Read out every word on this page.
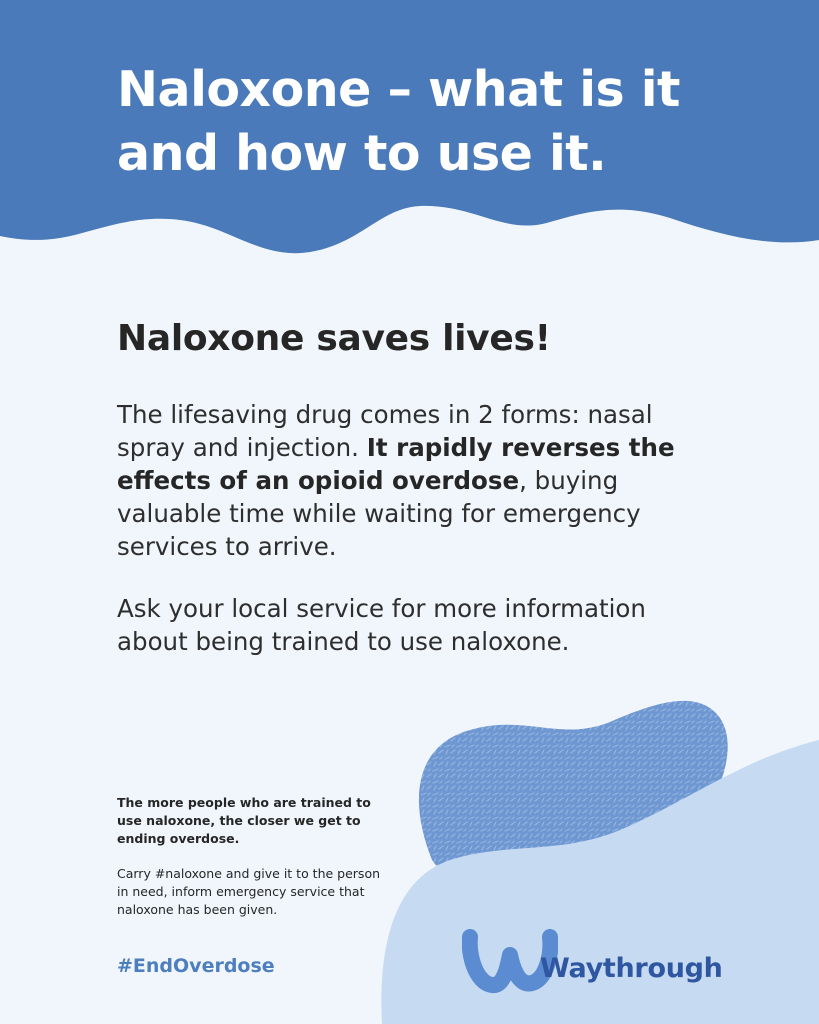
Naloxone – what is it
and how to use it.
Naloxone saves lives!

The lifesaving drug comes in 2 forms: nasal spray and injection. It rapidly reverses the effects of an opioid overdose, buying valuable time while waiting for emergency services to arrive.

Ask your local service for more information about being trained to use naloxone.

The more people who are trained to use naloxone, the closer we get to ending overdose.

Carry #naloxone and give it to the person in need, inform emergency service that naloxone has been given.

#EndOverdose	Waythrough
